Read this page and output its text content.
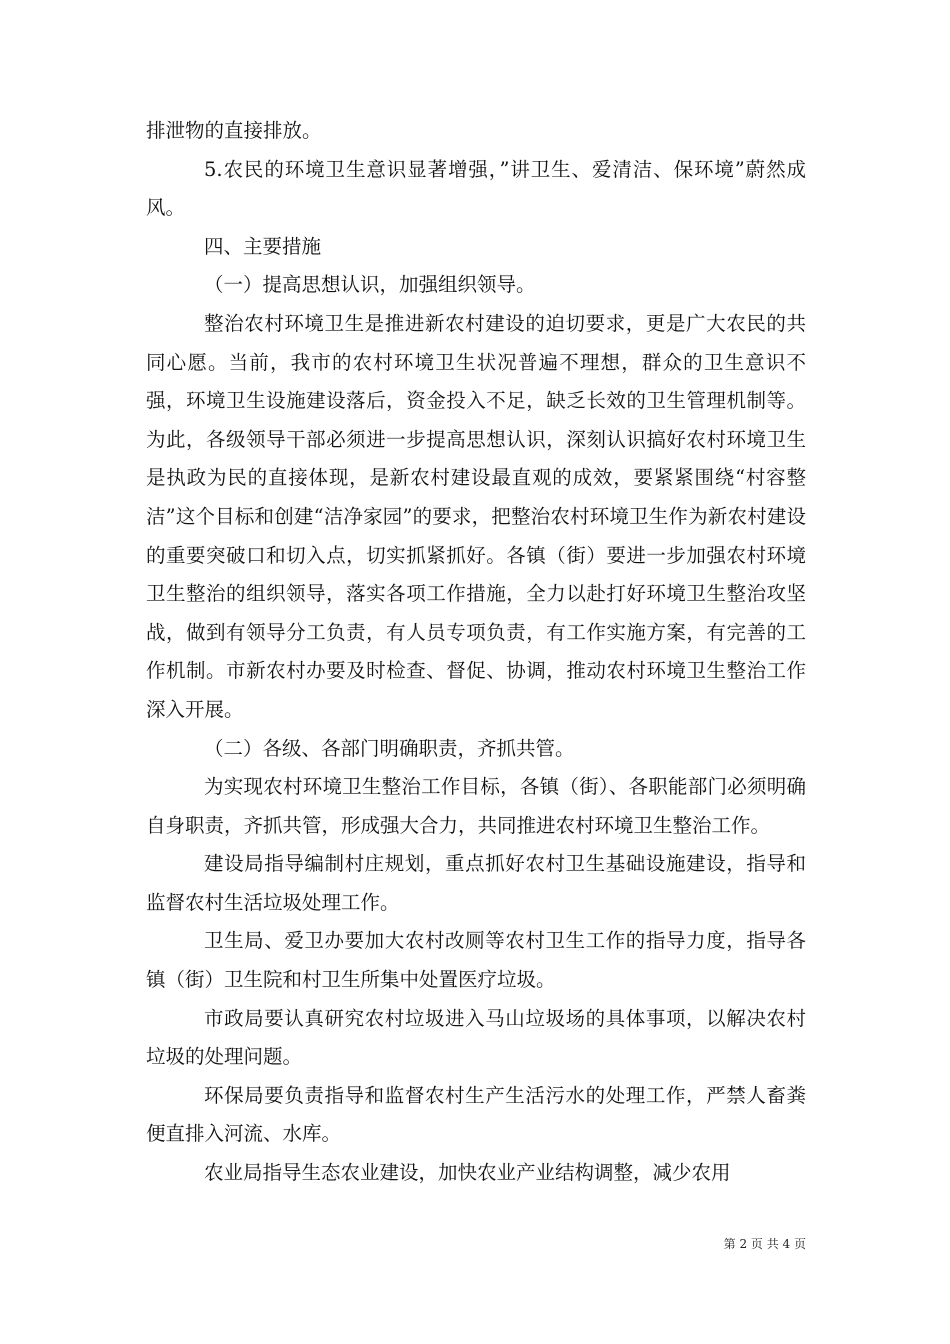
排泄物的直接排放。

5.农民的环境卫生意识显著增强，”讲卫生、爱清洁、保环境”蔚然成风。

四、主要措施

（一）提高思想认识，加强组织领导。

整治农村环境卫生是推进新农村建设的迫切要求，更是广大农民的共同心愿。当前，我市的农村环境卫生状况普遍不理想，群众的卫生意识不强，环境卫生设施建设落后，资金投入不足，缺乏长效的卫生管理机制等。为此，各级领导干部必须进一步提高思想认识，深刻认识搞好农村环境卫生是执政为民的直接体现，是新农村建设最直观的成效，要紧紧围绕“村容整洁”这个目标和创建“洁净家园”的要求，把整治农村环境卫生作为新农村建设的重要突破口和切入点，切实抓紧抓好。各镇（街）要进一步加强农村环境卫生整治的组织领导，落实各项工作措施，全力以赴打好环境卫生整治攻坚战，做到有领导分工负责，有人员专项负责，有工作实施方案，有完善的工作机制。市新农村办要及时检查、督促、协调，推动农村环境卫生整治工作深入开展。

（二）各级、各部门明确职责，齐抓共管。

为实现农村环境卫生整治工作目标，各镇（街）、各职能部门必须明确自身职责，齐抓共管，形成强大合力，共同推进农村环境卫生整治工作。

建设局指导编制村庄规划，重点抓好农村卫生基础设施建设，指导和监督农村生活垃圾处理工作。

卫生局、爱卫办要加大农村改厕等农村卫生工作的指导力度，指导各镇（街）卫生院和村卫生所集中处置医疗垃圾。

市政局要认真研究农村垃圾进入马山垃圾场的具体事项，以解决农村垃圾的处理问题。

环保局要负责指导和监督农村生产生活污水的处理工作，严禁人畜粪便直排入河流、水库。

农业局指导生态农业建设，加快农业产业结构调整，减少农用

第 2 页 共 4 页
